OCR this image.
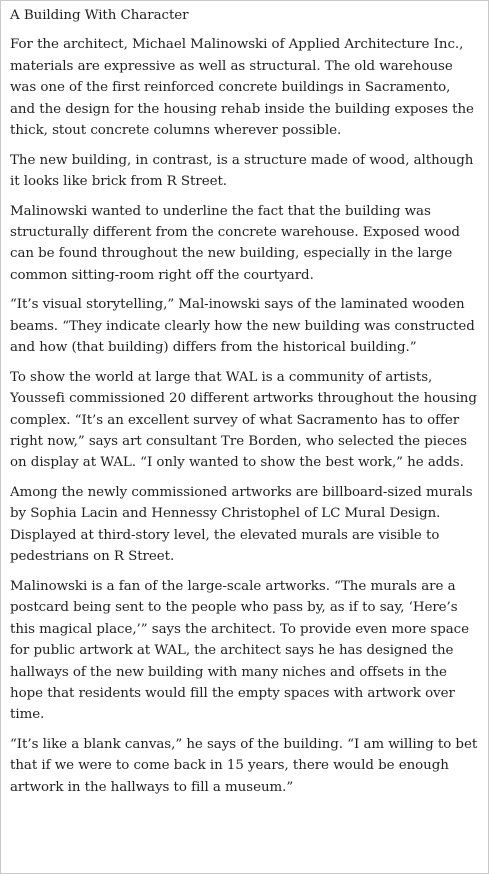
A Building With Character

For the architect, Michael Malinowski of Applied Architecture Inc., materials are expressive as well as structural. The old warehouse was one of the first reinforced concrete buildings in Sacramento, and the design for the housing rehab inside the building exposes the thick, stout concrete columns wherever possible.

The new building, in contrast, is a structure made of wood, although it looks like brick from R Street.

Malinowski wanted to underline the fact that the building was structurally different from the concrete warehouse. Exposed wood can be found throughout the new building, especially in the large common sitting-room right off the courtyard.

“It’s visual storytelling,” Mal-inowski says of the laminated wooden beams. “They indicate clearly how the new building was constructed and how (that building) differs from the historical building.”

To show the world at large that WAL is a community of artists, Youssefi commissioned 20 different artworks throughout the housing complex. “It’s an excellent survey of what Sacramento has to offer right now,” says art consultant Tre Borden, who selected the pieces on display at WAL. “I only wanted to show the best work,” he adds.

Among the newly commissioned artworks are billboard-sized murals by Sophia Lacin and Hennessy Christophel of LC Mural Design. Displayed at third-story level, the elevated murals are visible to pedestrians on R Street.

Malinowski is a fan of the large-scale artworks. “The murals are a postcard being sent to the people who pass by, as if to say, ‘Here’s this magical place,’” says the architect. To provide even more space for public artwork at WAL, the architect says he has designed the hallways of the new building with many niches and offsets in the hope that residents would fill the empty spaces with artwork over time.

“It’s like a blank canvas,” he says of the building. “I am willing to bet that if we were to come back in 15 years, there would be enough artwork in the hallways to fill a museum.”
